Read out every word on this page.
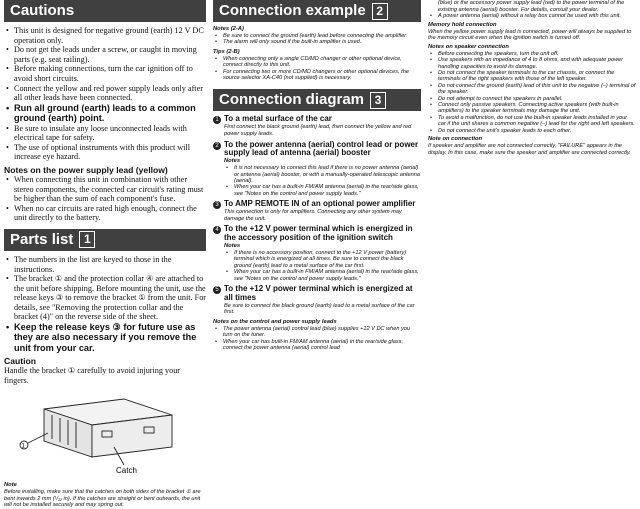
Cautions
• This unit is designed for negative ground (earth) 12 V DC operation only.
• Do not get the leads under a screw, or caught in moving parts (e.g. seat railing).
• Before making connections, turn the car ignition off to avoid short circuits.
• Connect the yellow and red power supply leads only after all other leads have been connected.
• Run all ground (earth) leads to a common ground (earth) point.
• Be sure to insulate any loose unconnected leads with electrical tape for safety.
• The use of optional instruments with this product will increase eye hazard.
Notes on the power supply lead (yellow)
• When connecting this unit in combination with other stereo components, the connected car circuit's rating must be higher than the sum of each component's fuse.
• When no car circuits are rated high enough, connect the unit directly to the battery.
Parts list 1
• The numbers in the list are keyed to those in the instructions.
• The bracket ① and the protection collar ④ are attached to the unit before shipping. Before mounting the unit, use the release keys ③ to remove the bracket ① from the unit. For details, see "Removing the protection collar and the bracket (4)" on the reverse side of the sheet.
• Keep the release keys ③ for future use as they are also necessary if you remove the unit from your car.
Caution
Handle the bracket ① carefully to avoid injuring your fingers.
1
Catch
Note
Before installing, make sure that the catches on both sides of the bracket ① are bent inwards 2 mm (¹/₁₂ in). If the catches are straight or bent outwards, the unit will not be installed securely and may spring out.
Connection example 2
Notes (2-A)
• Be sure to connect the ground (earth) lead before connecting the amplifier.
• The alarm will only sound if the built-in amplifier is used.
Tips (2-B)
• When connecting only a single CD/MD changer or other optional device, connect directly to this unit.
• For connecting two or more CD/MD changers or other optional devices, the source selector XA-C40 (not supplied) is necessary.
Connection diagram 3
1 To a metal surface of the car
First connect the black ground (earth) lead, then connect the yellow and red power supply leads.
2 To the power antenna (aerial) control lead or power supply lead of antenna (aerial) booster
Notes
• It is not necessary to connect this lead if there is no power antenna (aerial) or antenna (aerial) booster, or with a manually-operated telescopic antenna (aerial).
• When your car has a built-in FM/AM antenna (aerial) in the rear/side glass, see "Notes on the control and power supply leads."
3 To AMP REMOTE IN of an optional power amplifier
This connection is only for amplifiers. Connecting any other system may damage the unit.
4 To the +12 V power terminal which is energized in the accessory position of the ignition switch
Notes
• If there is no accessory position, connect to the +12 V power (battery) terminal which is energized at all times. Be sure to connect the black ground (earth) lead to a metal surface of the car first.
• When your car has a built-in FM/AM antenna (aerial) in the rear/side glass, see "Notes on the control and power supply leads."
5 To the +12 V power terminal which is energized at all times
Be sure to connect the black ground (earth) lead to a metal surface of the car first.
Notes on the control and power supply leads
• The power antenna (aerial) control lead (blue) supplies +12 V DC when you turn on the tuner.
• When your car has built-in FM/AM antenna (aerial) in the rear/side glass, connect the power antenna (aerial) control lead
(blue) or the accessory power supply lead (red) to the power terminal of the existing antenna (aerial) booster. For details, consult your dealer.
• A power antenna (aerial) without a relay box cannot be used with this unit.
Memory hold connection
When the yellow power supply lead is connected, power will always be supplied to the memory circuit even when the ignition switch is turned off.
Notes on speaker connection
• Before connecting the speakers, turn the unit off.
• Use speakers with an impedance of 4 to 8 ohms, and with adequate power handling capacities to avoid its damage.
• Do not connect the speaker terminals to the car chassis, or connect the terminals of the right speakers with those of the left speaker.
• Do not connect the ground (earth) lead of this unit to the negative (–) terminal of the speaker.
• Do not attempt to connect the speakers in parallel.
• Connect only passive speakers. Connecting active speakers (with built-in amplifiers) to the speaker terminals may damage the unit.
• To avoid a malfunction, do not use the built-in speaker leads installed in your car if the unit shares a common negative (–) lead for the right and left speakers.
• Do not connect the unit's speaker leads to each other.
Note on connection
If speaker and amplifier are not connected correctly, "FAILURE" appears in the display. In this case, make sure the speaker and amplifier are connected correctly.
